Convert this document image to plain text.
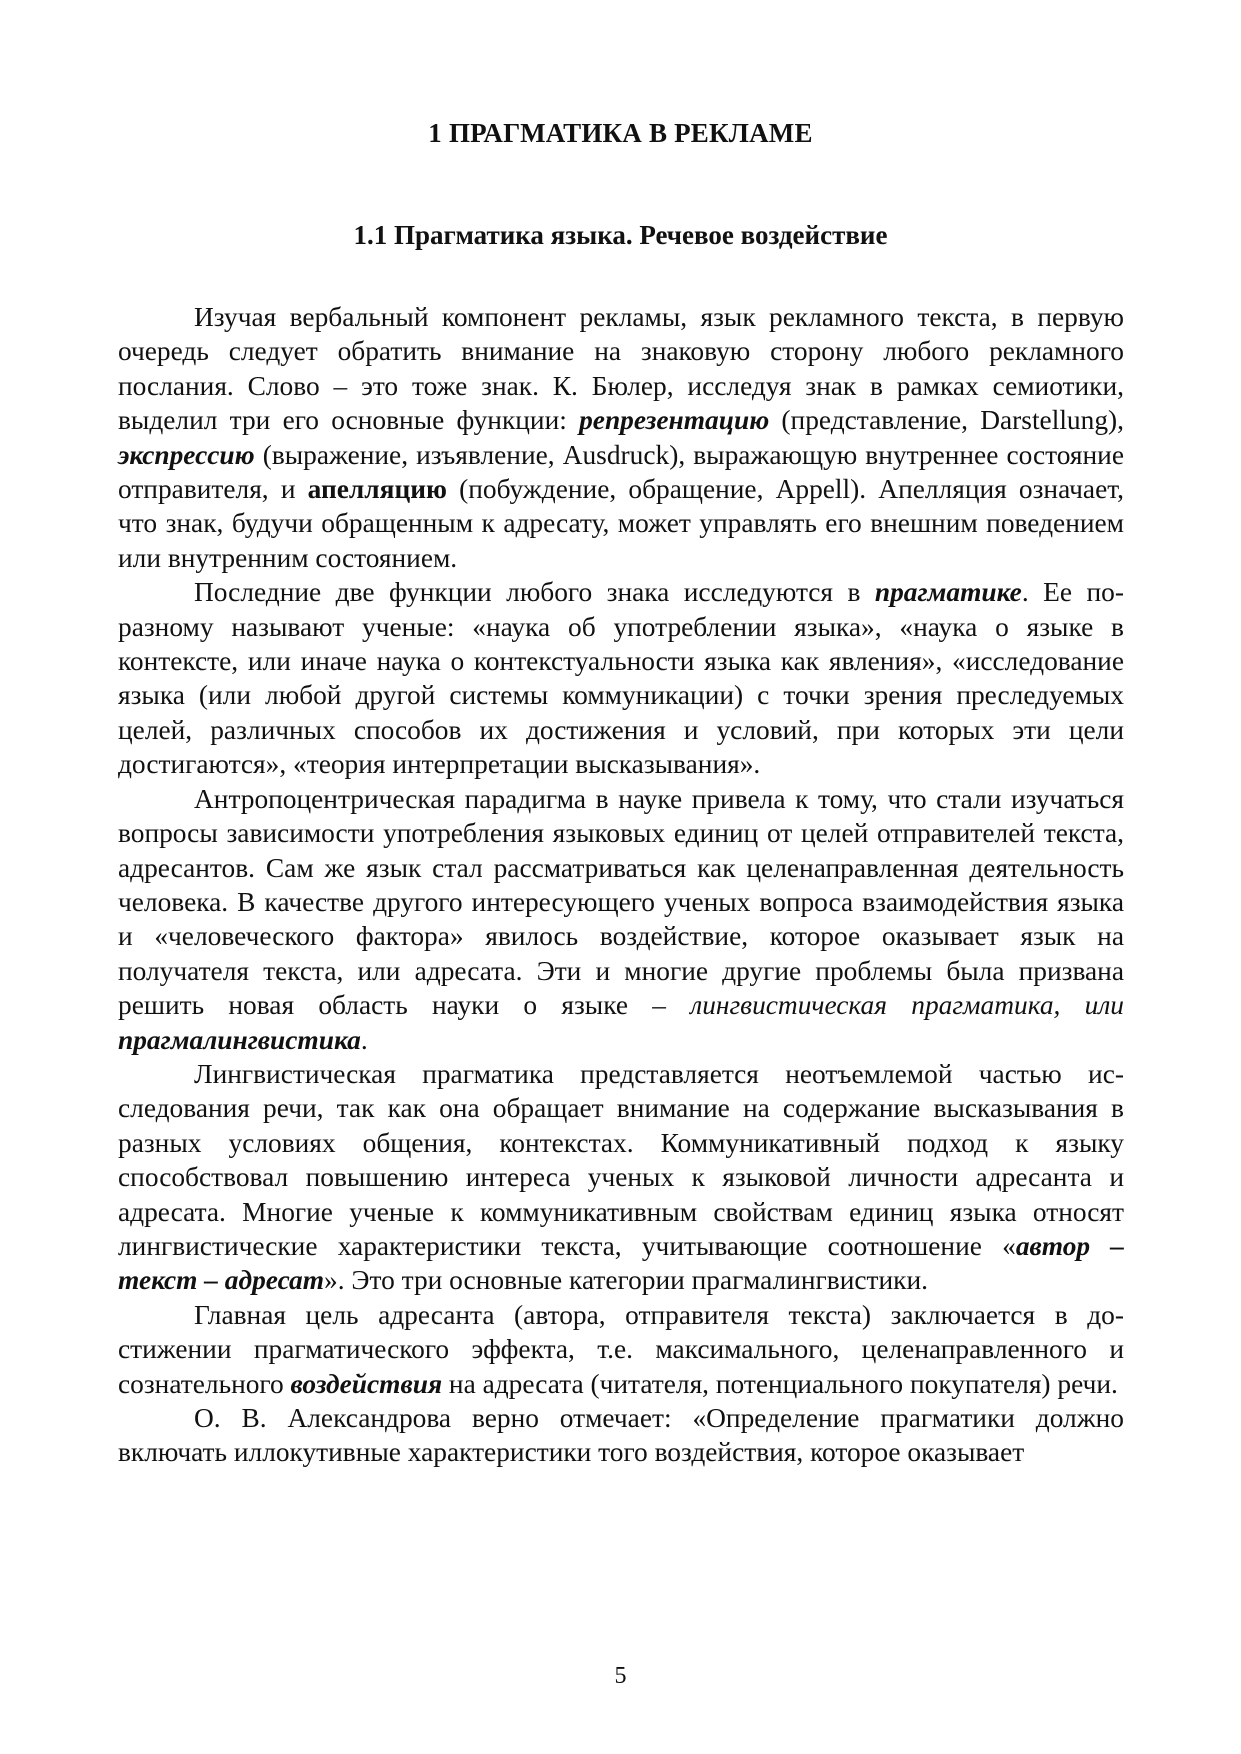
1 ПРАГМАТИКА В РЕКЛАМЕ
1.1 Прагматика языка. Речевое воздействие

Изучая вербальный компонент рекламы, язык рекламного текста, в первую очередь следует обратить внимание на знаковую сторону любого рекламного послания. Слово – это тоже знак. К. Бюлер, исследуя знак в рамках семиотики, выделил три его основные функции: репрезентацию (представление, Darstellung), экспрессию (выражение, изъявление, Ausdruck), выражающую внутреннее состояние отправителя, и апелляцию (побуждение, обращение, Appell). Апелляция означает, что знак, будучи обращенным к адресату, может управлять его внешним поведением или внутренним состоянием.

Последние две функции любого знака исследуются в прагматике. Ее по-разному называют ученые: «наука об употреблении языка», «наука о языке в контексте, или иначе наука о контекстуальности языка как явления», «исследование языка (или любой другой системы коммуникации) с точки зрения преследуемых целей, различных способов их достижения и условий, при которых эти цели достигаются», «теория интерпретации высказывания».

Антропоцентрическая парадигма в науке привела к тому, что стали изучаться вопросы зависимости употребления языковых единиц от целей отправителей текста, адресантов. Сам же язык стал рассматриваться как целенаправленная деятельность человека. В качестве другого интересующего ученых вопроса взаимодействия языка и «человеческого фактора» явилось воздействие, которое оказывает язык на получателя текста, или адресата. Эти и многие другие проблемы была призвана решить новая область науки о языке – лингвистическая прагматика, или прагмалингвистика.

Лингвистическая прагматика представляется неотъемлемой частью исследования речи, так как она обращает внимание на содержание высказывания в разных условиях общения, контекстах. Коммуникативный подход к языку способствовал повышению интереса ученых к языковой личности адресанта и адресата. Многие ученые к коммуникативным свойствам единиц языка относят лингвистические характеристики текста, учитывающие соотношение «автор – текст – адресат». Это три основные категории прагмалингвистики.

Главная цель адресанта (автора, отправителя текста) заключается в достижении прагматического эффекта, т.е. максимального, целенаправленного и сознательного воздействия на адресата (читателя, потенциального покупателя) речи.

О. В. Александрова верно отмечает: «Определение прагматики должно включать иллокутивные характеристики того воздействия, которое оказывает

5
